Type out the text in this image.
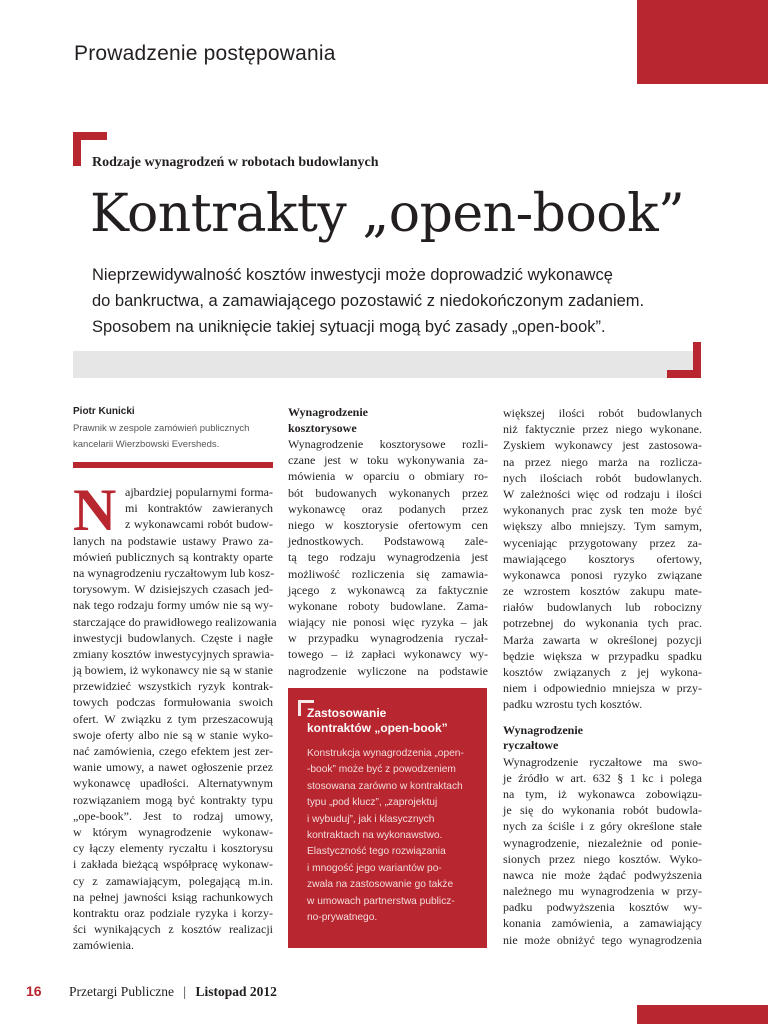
Prowadzenie postępowania
Rodzaje wynagrodzeń w robotach budowlanych
Kontrakty „open-book”
Nieprzewidywalność kosztów inwestycji może doprowadzić wykonawcę
do bankructwa, a zamawiającego pozostawić z niedokończonym zadaniem.
Sposobem na uniknięcie takiej sytuacji mogą być zasady „open-book”.
Piotr Kunicki
Prawnik w zespole zamówień publicznych
kancelarii Wierzbowski Eversheds.
N ajbardziej popularnymi forma-
mi kontraktów zawieranych
z wykonawcami robót budow-
lanych na podstawie ustawy Prawo za-
mówień publicznych są kontrakty oparte
na wynagrodzeniu ryczałtowym lub kosz-
torysowym. W dzisiejszych czasach jed-
nak tego rodzaju formy umów nie są wy-
starczające do prawidłowego realizowania
inwestycji budowlanych. Częste i nagłe
zmiany kosztów inwestycyjnych sprawia-
ją bowiem, iż wykonawcy nie są w stanie
przewidzieć wszystkich ryzyk kontrak-
towych podczas formułowania swoich
ofert. W związku z tym przeszacowują
swoje oferty albo nie są w stanie wyko-
nać zamówienia, czego efektem jest zer-
wanie umowy, a nawet ogłoszenie przez
wykonawcę upadłości. Alternatywnym
rozwiązaniem mogą być kontrakty typu
„ope-book”. Jest to rodzaj umowy,
w którym wynagrodzenie wykonaw-
cy łączy elementy ryczałtu i kosztorysu
i zakłada bieżącą współpracę wykonaw-
cy z zamawiającym, polegającą m.in.
na pełnej jawności ksiąg rachunkowych
kontraktu oraz podziale ryzyka i korzy-
ści wynikających z kosztów realizacji
zamówienia.
Wynagrodzenie
kosztorysowe
Wynagrodzenie kosztorysowe rozli-
czane jest w toku wykonywania za-
mówienia w oparciu o obmiary ro-
bót budowanych wykonanych przez
wykonawcę oraz podanych przez
niego w kosztorysie ofertowym cen
jednostkowych. Podstawową zale-
tą tego rodzaju wynagrodzenia jest
możliwość rozliczenia się zamawia-
jącego z wykonawcą za faktycznie
wykonane roboty budowlane. Zama-
wiający nie ponosi więc ryzyka – jak
w przypadku wynagrodzenia ryczał-
towego – iż zapłaci wykonawcy wy-
nagrodzenie wyliczone na podstawie
Zastosowanie
kontraktów „open-book”
Konstrukcja wynagrodzenia „open-
-book” może być z powodzeniem
stosowana zarówno w kontraktach
typu „pod klucz”, „zaprojektuj
i wybuduj”, jak i klasycznych
kontraktach na wykonawstwo.
Elastyczność tego rozwiązania
i mnogość jego wariantów po-
zwala na zastosowanie go także
w umowach partnerstwa publicz-
no-prywatnego.
większej ilości robót budowlanych
niż faktycznie przez niego wykonane.
Zyskiem wykonawcy jest zastosowa-
na przez niego marża na rozlicza-
nych ilościach robót budowlanych.
W zależności więc od rodzaju i ilości
wykonanych prac zysk ten może być
większy albo mniejszy. Tym samym,
wyceniając przygotowany przez za-
mawiającego kosztorys ofertowy,
wykonawca ponosi ryzyko związane
ze wzrostem kosztów zakupu mate-
riałów budowlanych lub robocizny
potrzebnej do wykonania tych prac.
Marża zawarta w określonej pozycji
będzie większa w przypadku spadku
kosztów związanych z jej wykona-
niem i odpowiednio mniejsza w przy-
padku wzrostu tych kosztów.
Wynagrodzenie
ryczałtowe
Wynagrodzenie ryczałtowe ma swo-
je źródło w art. 632 § 1 kc i polega
na tym, iż wykonawca zobowiązu-
je się do wykonania robót budowla-
nych za ściśle i z góry określone stałe
wynagrodzenie, niezależnie od ponie-
sionych przez niego kosztów. Wyko-
nawca nie może żądać podwyższenia
należnego mu wynagrodzenia w przy-
padku podwyższenia kosztów wy-
konania zamówienia, a zamawiający
nie może obniżyć tego wynagrodzenia
16 Przetargi Publiczne | Listopad 2012
